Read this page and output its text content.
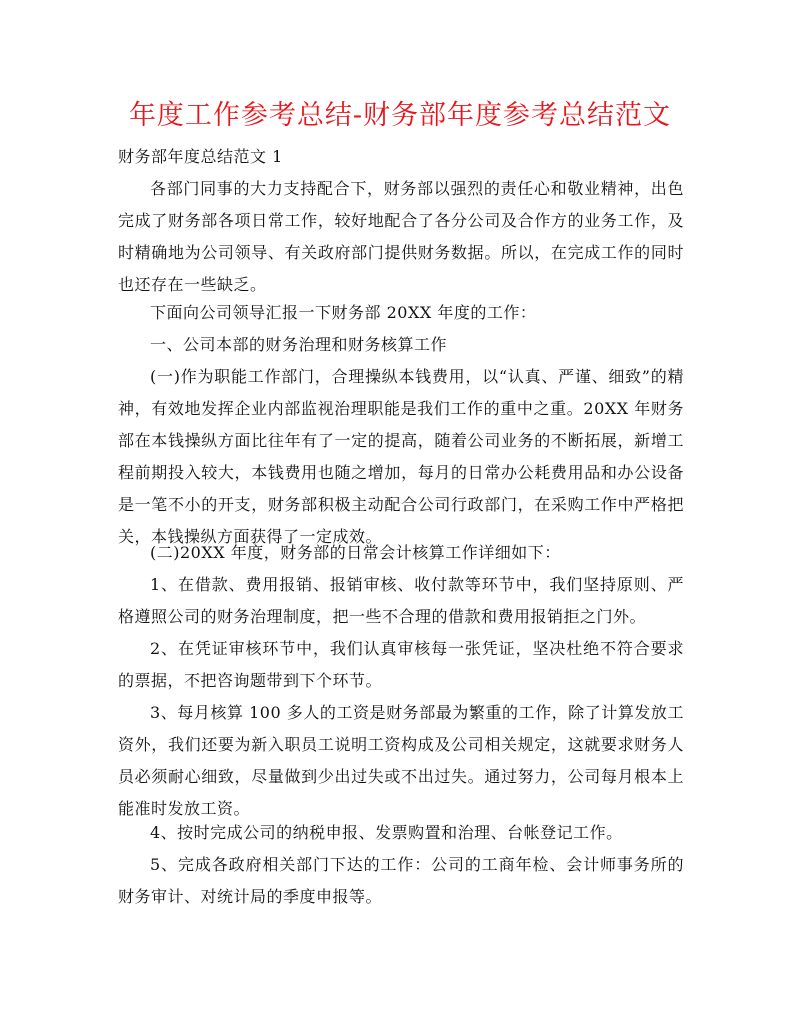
年度工作参考总结-财务部年度参考总结范文
财务部年度总结范文 1
各部门同事的大力支持配合下，财务部以强烈的责任心和敬业精神，出色完成了财务部各项日常工作，较好地配合了各分公司及合作方的业务工作，及时精确地为公司领导、有关政府部门提供财务数据。所以，在完成工作的同时也还存在一些缺乏。
下面向公司领导汇报一下财务部 20XX 年度的工作：
一、公司本部的财务治理和财务核算工作
(一)作为职能工作部门，合理操纵本钱费用，以“认真、严谨、细致”的精神，有效地发挥企业内部监视治理职能是我们工作的重中之重。20XX 年财务部在本钱操纵方面比往年有了一定的提高，随着公司业务的不断拓展，新增工程前期投入较大，本钱费用也随之增加，每月的日常办公耗费用品和办公设备是一笔不小的开支，财务部积极主动配合公司行政部门，在采购工作中严格把关，本钱操纵方面获得了一定成效。
(二)20XX 年度，财务部的日常会计核算工作详细如下：
1、在借款、费用报销、报销审核、收付款等环节中，我们坚持原则、严格遵照公司的财务治理制度，把一些不合理的借款和费用报销拒之门外。
2、在凭证审核环节中，我们认真审核每一张凭证，坚决杜绝不符合要求的票据，不把咨询题带到下个环节。
3、每月核算 100 多人的工资是财务部最为繁重的工作，除了计算发放工资外，我们还要为新入职员工说明工资构成及公司相关规定，这就要求财务人员必须耐心细致，尽量做到少出过失或不出过失。通过努力，公司每月根本上能准时发放工资。
4、按时完成公司的纳税申报、发票购置和治理、台帐登记工作。
5、完成各政府相关部门下达的工作：公司的工商年检、会计师事务所的财务审计、对统计局的季度申报等。
